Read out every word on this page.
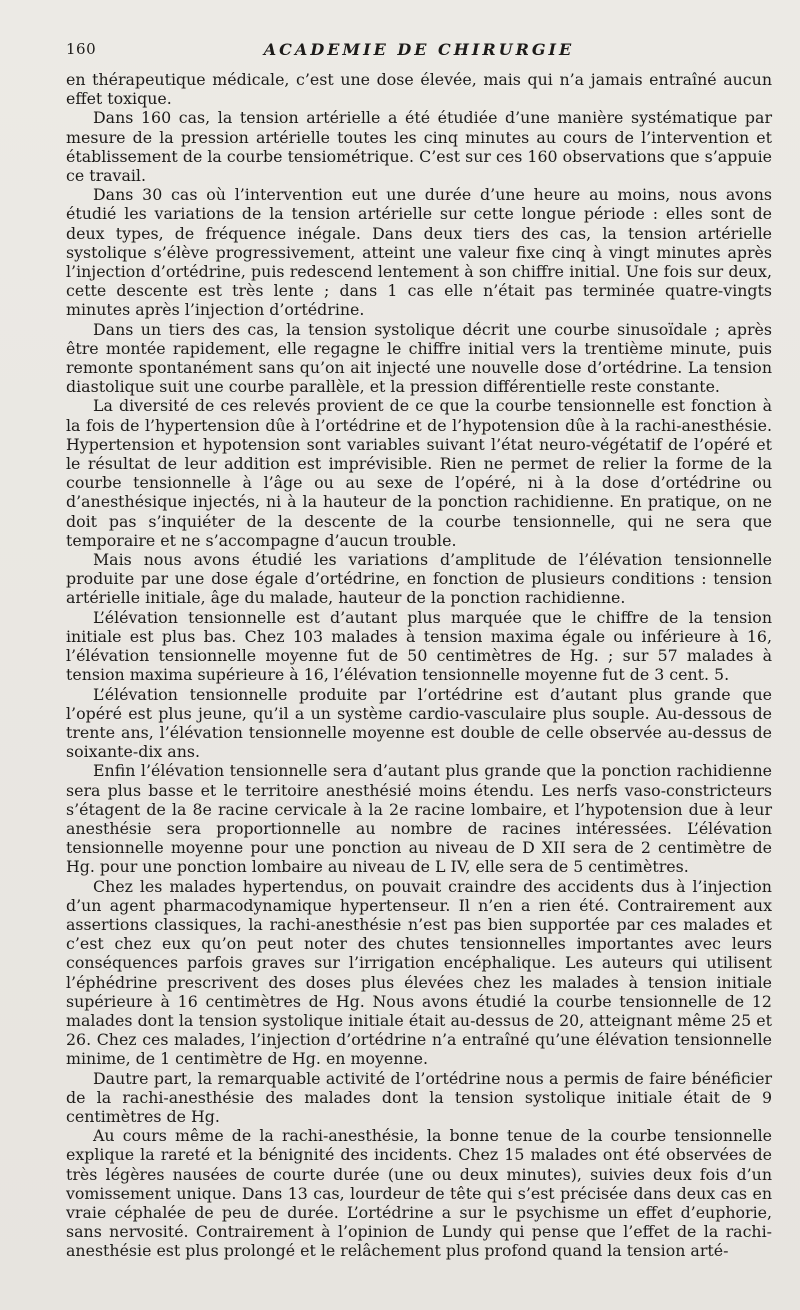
160	ACADEMIE DE CHIRURGIE

en thérapeutique médicale, c’est une dose élevée, mais qui n’a jamais entraîné aucun effet toxique.

Dans 160 cas, la tension artérielle a été étudiée d’une manière systématique par mesure de la pression artérielle toutes les cinq minutes au cours de l’intervention et établissement de la courbe tensiométrique. C’est sur ces 160 observations que s’appuie ce travail.

Dans 30 cas où l’intervention eut une durée d’une heure au moins, nous avons étudié les variations de la tension artérielle sur cette longue période : elles sont de deux types, de fréquence inégale. Dans deux tiers des cas, la tension artérielle systolique s’élève progressivement, atteint une valeur fixe cinq à vingt minutes après l’injection d’ortédrine, puis redescend lentement à son chiffre initial. Une fois sur deux, cette descente est très lente ; dans 1 cas elle n’était pas terminée quatre-vingts minutes après l’injection d’ortédrine.

Dans un tiers des cas, la tension systolique décrit une courbe sinusoïdale ; après être montée rapidement, elle regagne le chiffre initial vers la trentième minute, puis remonte spontanément sans qu’on ait injecté une nouvelle dose d’ortédrine. La tension diastolique suit une courbe parallèle, et la pression différentielle reste constante.

La diversité de ces relevés provient de ce que la courbe tensionnelle est fonction à la fois de l’hypertension dûe à l’ortédrine et de l’hypotension dûe à la rachi-anesthésie. Hypertension et hypotension sont variables suivant l’état neuro-végétatif de l’opéré et le résultat de leur addition est imprévisible. Rien ne permet de relier la forme de la courbe tensionnelle à l’âge ou au sexe de l’opéré, ni à la dose d’ortédrine ou d’anesthésique injectés, ni à la hauteur de la ponction rachidienne. En pratique, on ne doit pas s’inquiéter de la descente de la courbe tensionnelle, qui ne sera que temporaire et ne s’accompagne d’aucun trouble.

Mais nous avons étudié les variations d’amplitude de l’élévation tensionnelle produite par une dose égale d’ortédrine, en fonction de plusieurs conditions : tension artérielle initiale, âge du malade, hauteur de la ponction rachidienne.

L’élévation tensionnelle est d’autant plus marquée que le chiffre de la tension initiale est plus bas. Chez 103 malades à tension maxima égale ou inférieure à 16, l’élévation tensionnelle moyenne fut de 50 centimètres de Hg. ; sur 57 malades à tension maxima supérieure à 16, l’élévation tensionnelle moyenne fut de 3 cent. 5.

L’élévation tensionnelle produite par l’ortédrine est d’autant plus grande que l’opéré est plus jeune, qu’il a un système cardio-vasculaire plus souple. Au-dessous de trente ans, l’élévation tensionnelle moyenne est double de celle observée au-dessus de soixante-dix ans.

Enfin l’élévation tensionnelle sera d’autant plus grande que la ponction rachidienne sera plus basse et le territoire anesthésié moins étendu. Les nerfs vaso-constricteurs s’étagent de la 8e racine cervicale à la 2e racine lombaire, et l’hypotension due à leur anesthésie sera proportionnelle au nombre de racines intéressées. L’élévation tensionnelle moyenne pour une ponction au niveau de D XII sera de 2 centimètre de Hg. pour une ponction lombaire au niveau de L IV, elle sera de 5 centimètres.

Chez les malades hypertendus, on pouvait craindre des accidents dus à l’injection d’un agent pharmacodynamique hypertenseur. Il n’en a rien été. Contrairement aux assertions classiques, la rachi-anesthésie n’est pas bien supportée par ces malades et c’est chez eux qu’on peut noter des chutes tensionnelles importantes avec leurs conséquences parfois graves sur l’irrigation encéphalique. Les auteurs qui utilisent l’éphédrine prescrivent des doses plus élevées chez les malades à tension initiale supérieure à 16 centimètres de Hg. Nous avons étudié la courbe tensionnelle de 12 malades dont la tension systolique initiale était au-dessus de 20, atteignant même 25 et 26. Chez ces malades, l’injection d’ortédrine n’a entraîné qu’une élévation tensionnelle minime, de 1 centimètre de Hg. en moyenne.

Dautre part, la remarquable activité de l’ortédrine nous a permis de faire bénéficier de la rachi-anesthésie des malades dont la tension systolique initiale était de 9 centimètres de Hg.

Au cours même de la rachi-anesthésie, la bonne tenue de la courbe tensionnelle explique la rareté et la bénignité des incidents. Chez 15 malades ont été observées de très légères nausées de courte durée (une ou deux minutes), suivies deux fois d’un vomissement unique. Dans 13 cas, lourdeur de tête qui s’est précisée dans deux cas en vraie céphalée de peu de durée. L’ortédrine a sur le psychisme un effet d’euphorie, sans nervosité. Contrairement à l’opinion de Lundy qui pense que l’effet de la rachi-anesthésie est plus prolongé et le relâchement plus profond quand la tension arté-
